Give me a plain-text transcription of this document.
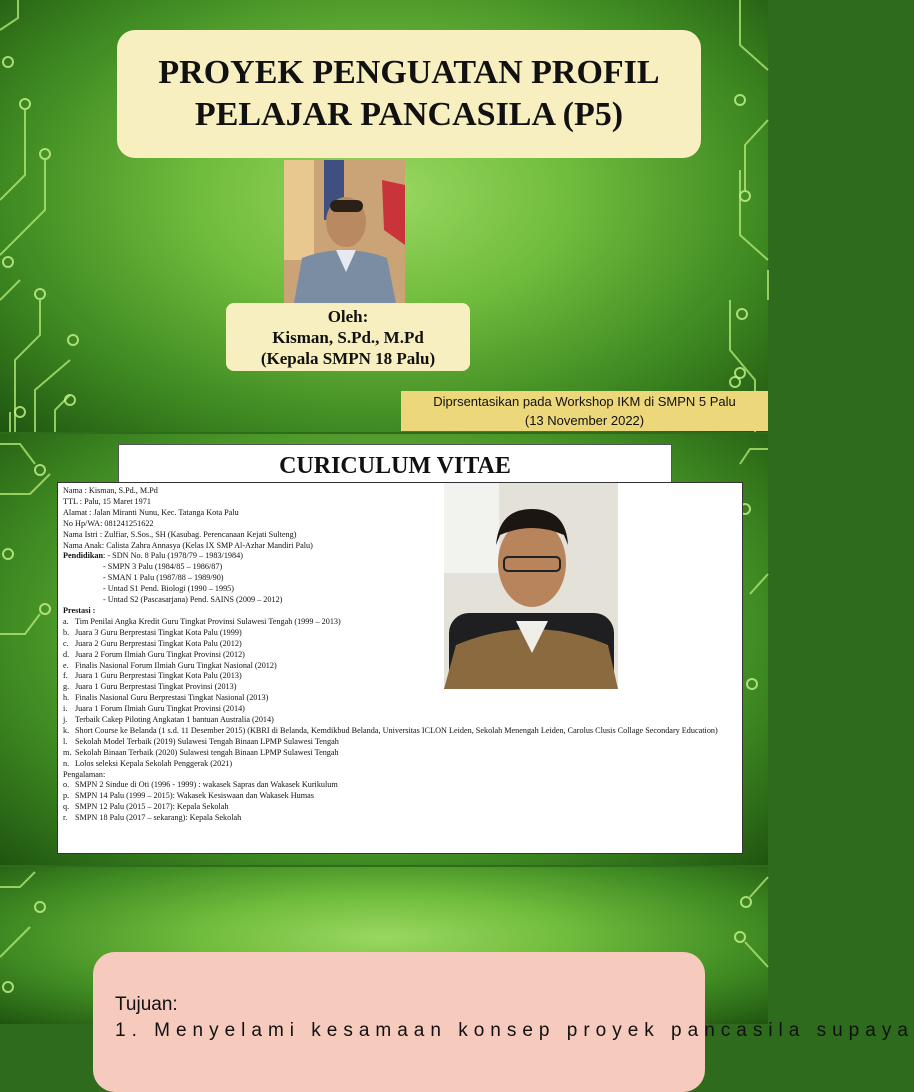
PROYEK PENGUATAN PROFIL
PELAJAR PANCASILA (P5)
Oleh:
Kisman, S.Pd., M.Pd
(Kepala SMPN 18 Palu)
Diprsentasikan pada Workshop IKM di SMPN 5 Palu
(13 November 2022)
CURICULUM VITAE
Nama : Kisman, S.Pd., M.Pd
TTL : Palu, 15 Maret 1971
Alamat : Jalan Miranti Nunu, Kec. Tatanga Kota Palu
No Hp/WA: 081241251622
Nama Istri : Zulfiar, S.Sos., SH (Kasubag. Perencanaan Kejati Sulteng)
Nama Anak: Calista Zahra Annasya (Kelas IX SMP Al-Azhar Mandiri Palu)
Pendidikan: - SDN No. 8 Palu (1978/79 – 1983/1984)
- SMPN 3 Palu (1984/85 – 1986/87)
- SMAN 1 Palu (1987/88 – 1989/90)
- Untad S1 Pend. Biologi (1990 – 1995)
- Untad S2 (Pascasarjana) Pend. SAINS (2009 – 2012)
Prestasi :
a. Tim Penilai Angka Kredit Guru Tingkat Provinsi Sulawesi Tengah (1999 – 2013)
b. Juara 3 Guru Berprestasi Tingkat Kota Palu (1999)
c. Juara 2 Guru Berprestasi Tingkat Kota Palu (2012)
d. Juara 2 Forum Ilmiah Guru Tingkat Provinsi (2012)
e. Finalis Nasional Forum Ilmiah Guru Tingkat Nasional (2012)
f. Juara 1 Guru Berprestasi Tingkat Kota Palu (2013)
g. Juara 1 Guru Berprestasi Tingkat Provinsi (2013)
h. Finalis Nasional Guru Berprestasi Tingkat Nasional (2013)
i. Juara 1 Forum Ilmiah Guru Tingkat Provinsi (2014)
j. Terbaik Cakep Piloting Angkatan 1 bantuan Australia (2014)
k. Short Course ke Belanda (1 s.d. 11 Desember 2015) (KBRI di Belanda, Kemdikbud Belanda, Universitas ICLON Leiden, Sekolah Menengah Leiden, Carolus Clusis Collage Secondary Education)
l. Sekolah Model Terbaik (2019) Sulawesi Tengah Binaan LPMP Sulawesi Tengah
m. Sekolah Binaan Terbaik (2020) Sulawesi tengah Binaan LPMP Sulawesi Tengah
n. Lolos seleksi Kepala Sekolah Penggerak (2021)
Pengalaman:
o. SMPN 2 Sindue di Oti (1996 - 1999) : wakasek Sapras dan Wakasek Kurikulum
p. SMPN 14 Palu (1999 – 2015): Wakasek Kesiswaan dan Wakasek Humas
q. SMPN 12 Palu (2015 – 2017): Kepala Sekolah
r. SMPN 18 Palu (2017 – sekarang): Kepala Sekolah
Tujuan:
1. Menyelami kesamaan konsep proyek pancasila supaya
